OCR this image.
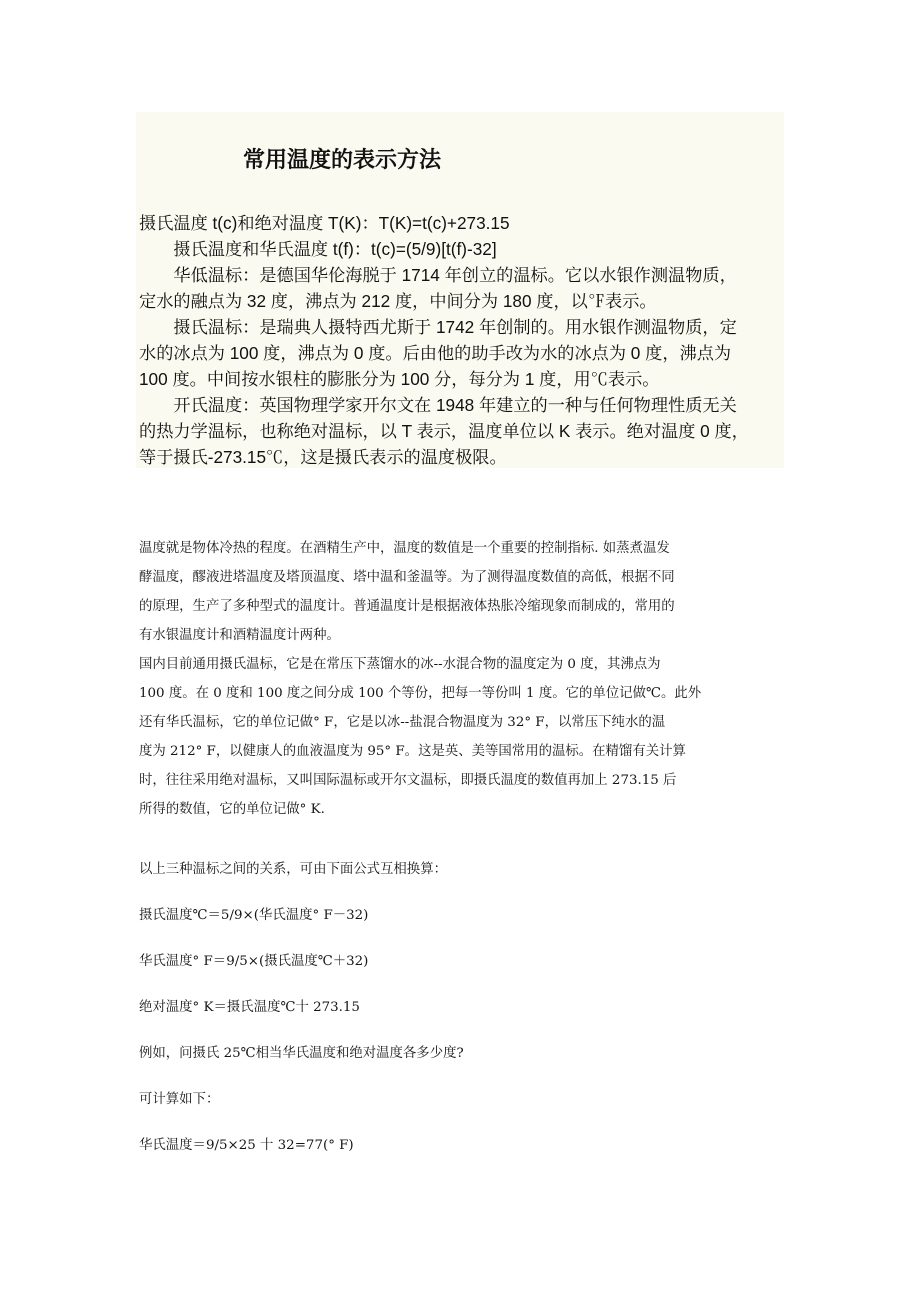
常用温度的表示方法
摄氏温度 t(c)和绝对温度 T(K)：T(K)=t(c)+273.15
　　摄氏温度和华氏温度 t(f)：t(c)=(5/9)[t(f)-32]
　　华低温标：是德国华伦海脱于 1714 年创立的温标。它以水银作测温物质，
定水的融点为 32 度，沸点为 212 度，中间分为 180 度，以℉表示。
　　摄氏温标：是瑞典人摄特西尤斯于 1742 年创制的。用水银作测温物质，定
水的冰点为 100 度，沸点为 0 度。后由他的助手改为水的冰点为 0 度，沸点为
100 度。中间按水银柱的膨胀分为 100 分，每分为 1 度，用℃表示。
　　开氏温度：英国物理学家开尔文在 1948 年建立的一种与任何物理性质无关
的热力学温标，也称绝对温标，以 T 表示，温度单位以 K 表示。绝对温度 0 度，
等于摄氏-273.15℃，这是摄氏表示的温度极限。
温度就是物体冷热的程度。在酒精生产中，温度的数值是一个重要的控制指标. 如蒸煮温发
酵温度，醪液进塔温度及塔顶温度、塔中温和釜温等。为了测得温度数值的高低，根据不同
的原理，生产了多种型式的温度计。普通温度计是根据液体热胀冷缩现象而制成的，常用的
有水银温度计和酒精温度计两种。
国内目前通用摄氏温标，它是在常压下蒸馏水的冰--水混合物的温度定为 0 度，其沸点为
100 度。在 0 度和 100 度之间分成 100 个等份，把每一等份叫 1 度。它的单位记做℃。此外
还有华氏温标，它的单位记做° F，它是以冰--盐混合物温度为 32° F，以常压下纯水的温
度为 212° F，以健康人的血液温度为 95° F。这是英、美等国常用的温标。在精馏有关计算
时，往往采用绝对温标，又叫国际温标或开尔文温标，即摄氏温度的数值再加上 273.15 后
所得的数值，它的单位记做° K.
以上三种温标之间的关系，可由下面公式互相换算：
摄氏温度℃＝5/9×(华氏温度° F－32)
华氏温度° F＝9/5×(摄氏温度℃＋32)
绝对温度° K＝摄氏温度℃十 273.15
例如，问摄氏 25℃相当华氏温度和绝对温度各多少度?
可计算如下：
华氏温度＝9/5×25 十 32=77(° F)
